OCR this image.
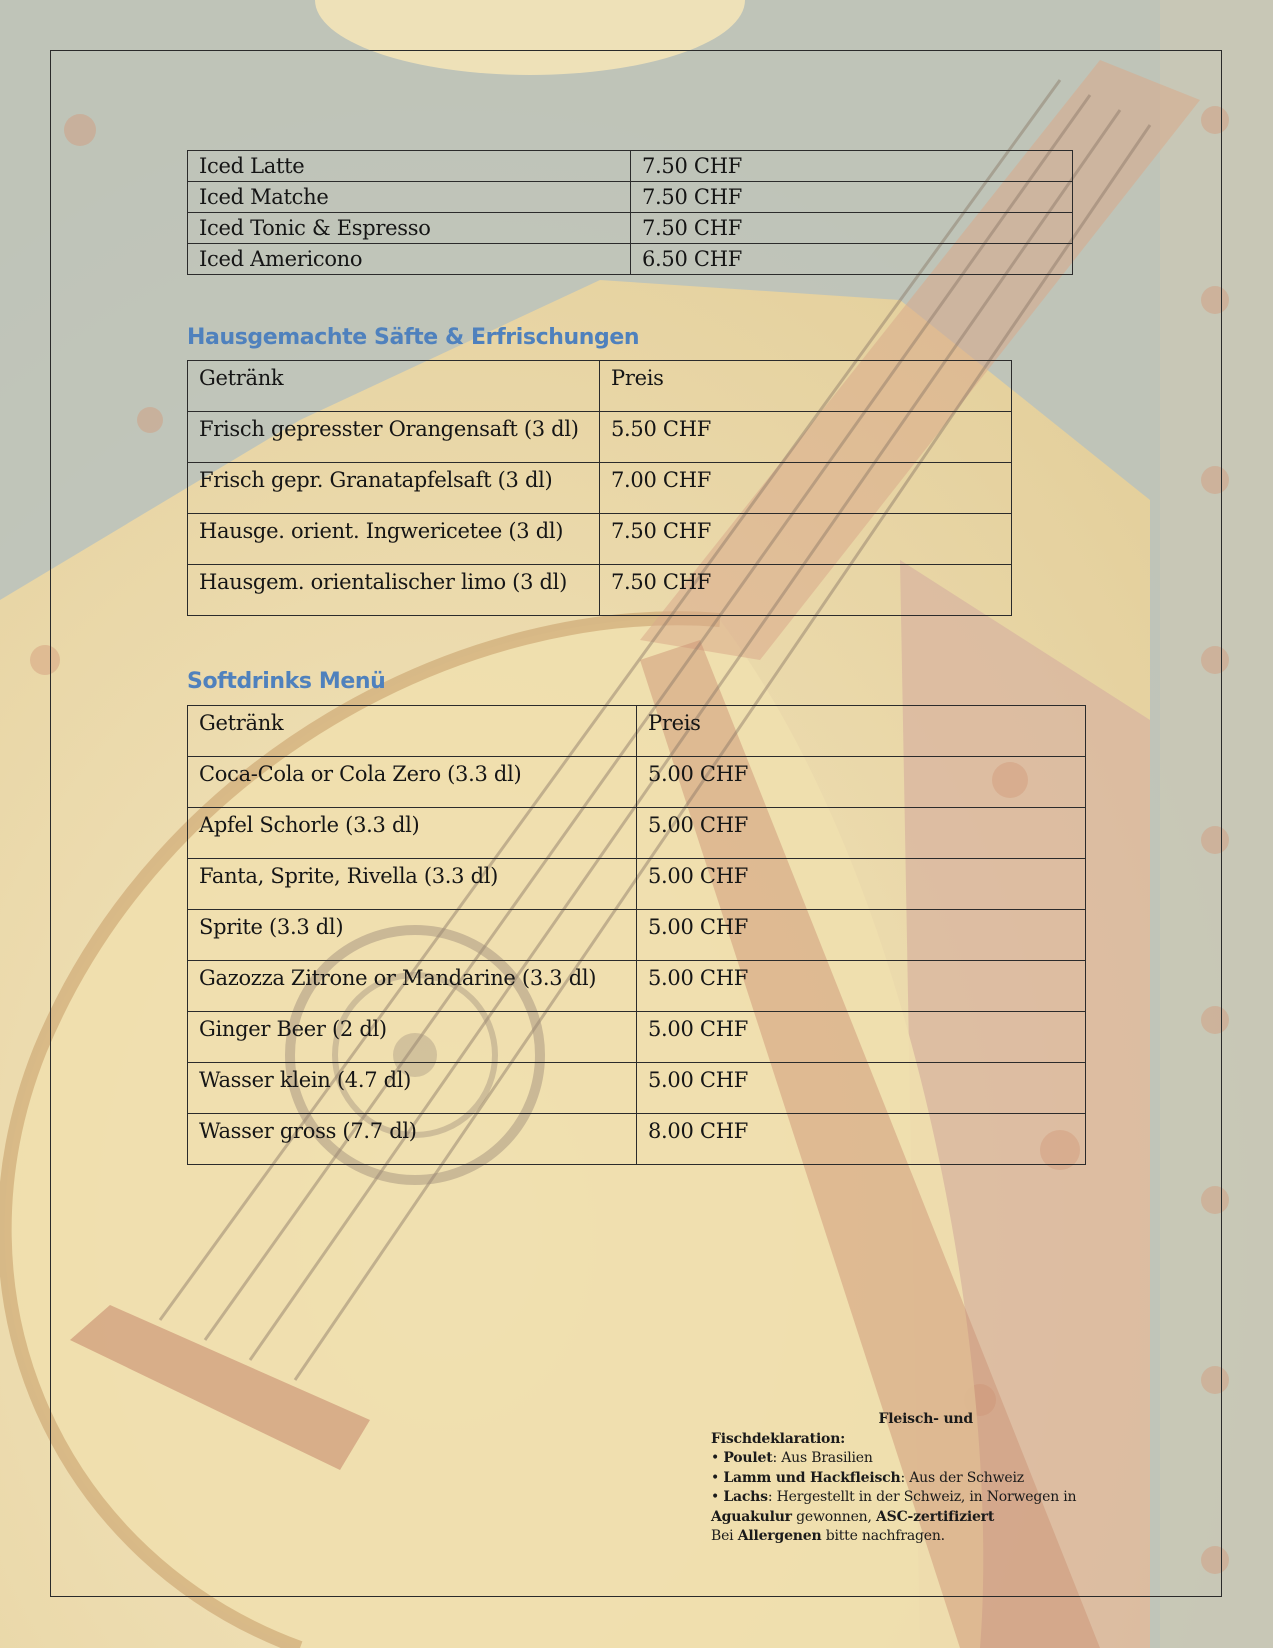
Iced Latte	7.50 CHF
Iced Matche	7.50 CHF
Iced Tonic & Espresso	7.50 CHF
Iced Americono	6.50 CHF
Hausgemachte Säfte & Erfrischungen
Getränk	Preis
Frisch gepresster Orangensaft (3 dl)	5.50 CHF
Frisch gepr. Granatapfelsaft (3 dl)	7.00 CHF
Hausge. orient. Ingwericetee (3 dl)	7.50 CHF
Hausgem. orientalischer limo (3 dl)	7.50 CHF
Softdrinks Menü
Getränk	Preis
Coca-Cola or Cola Zero (3.3 dl)	5.00 CHF
Apfel Schorle (3.3 dl)	5.00 CHF
Fanta, Sprite, Rivella (3.3 dl)	5.00 CHF
Sprite (3.3 dl)	5.00 CHF
Gazozza Zitrone or Mandarine (3.3 dl)	5.00 CHF
Ginger Beer (2 dl)	5.00 CHF
Wasser klein (4.7 dl)	5.00 CHF
Wasser gross (7.7 dl)	8.00 CHF
Fleisch- und
Fischdeklaration:
• Poulet: Aus Brasilien
• Lamm und Hackfleisch: Aus der Schweiz
• Lachs: Hergestellt in der Schweiz, in Norwegen in
Aguakulur gewonnen, ASC-zertifiziert
Bei Allergenen bitte nachfragen.
